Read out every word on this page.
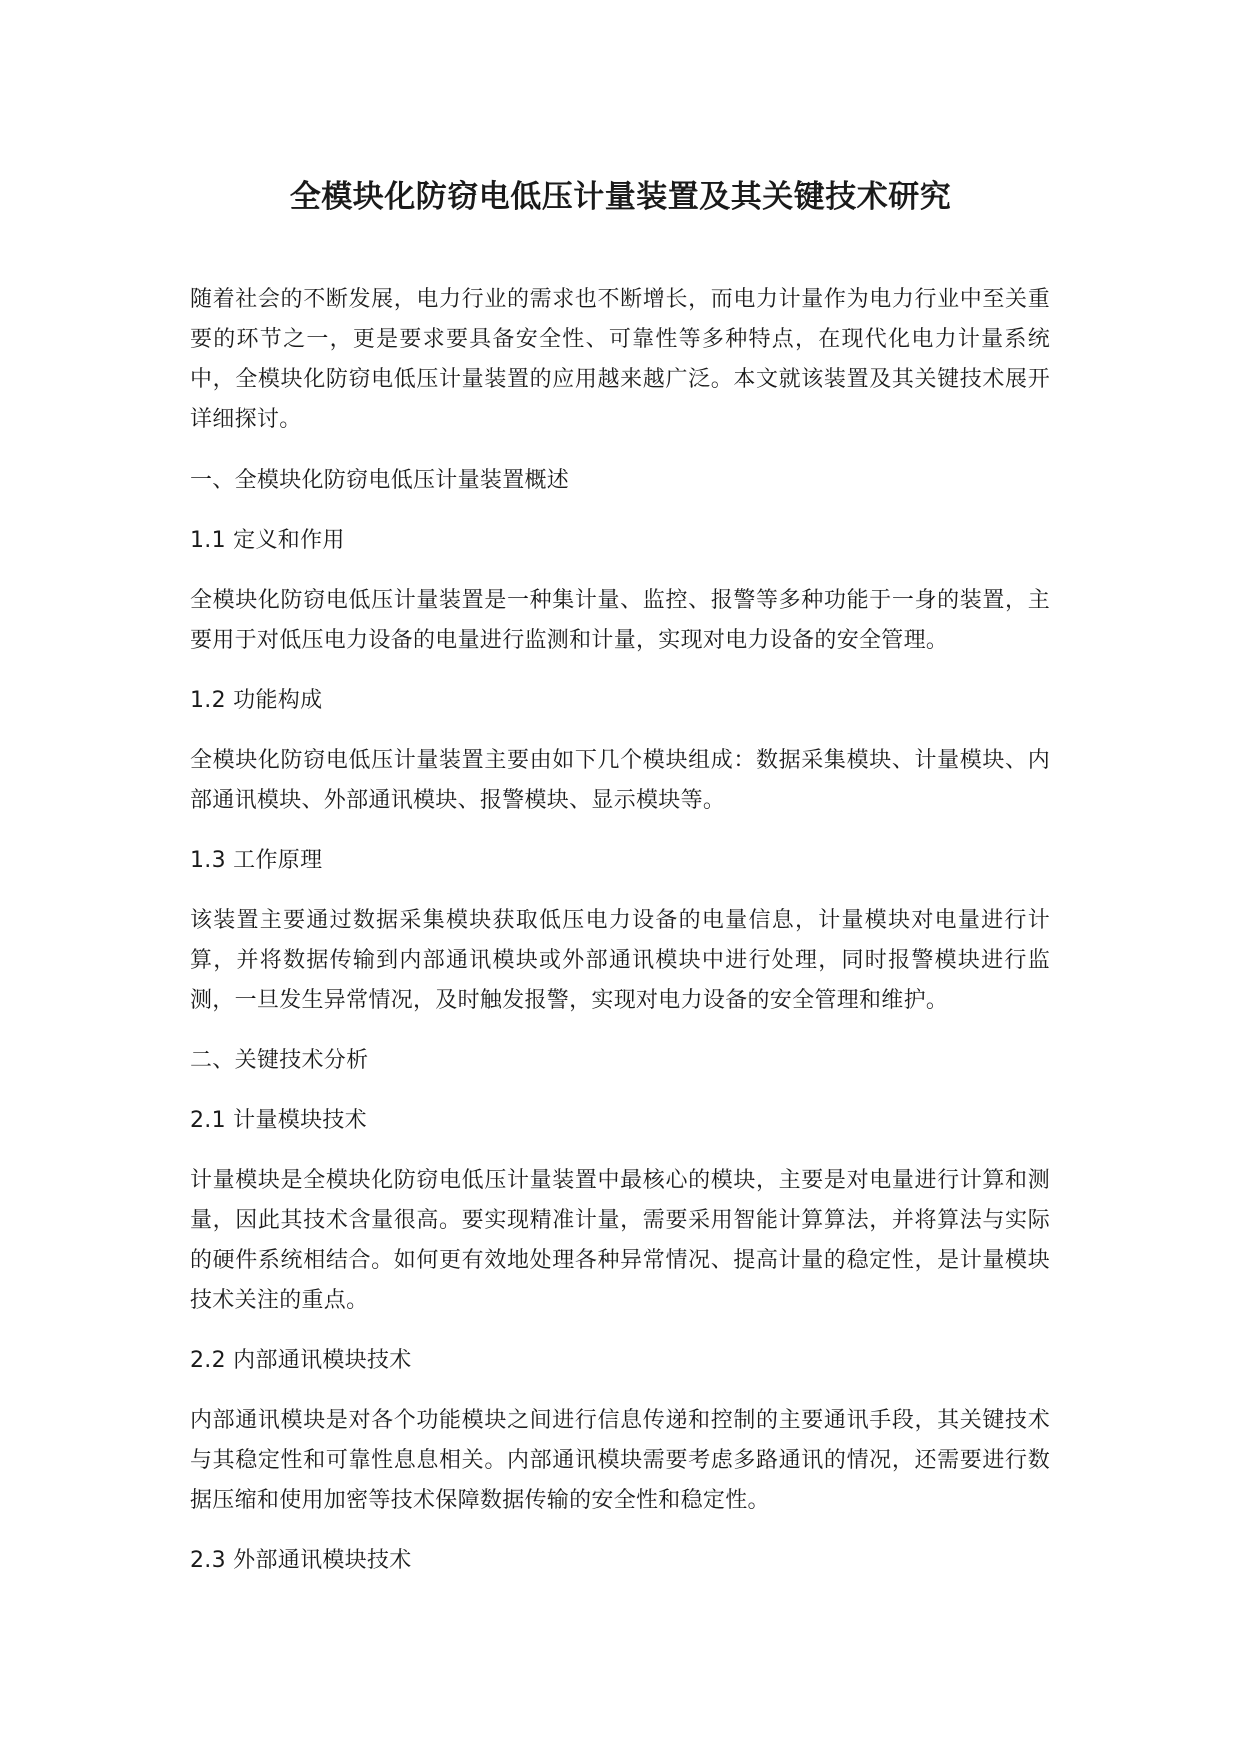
全模块化防窃电低压计量装置及其关键技术研究

随着社会的不断发展，电力行业的需求也不断增长，而电力计量作为电力行业中至关重要的环节之一，更是要求要具备安全性、可靠性等多种特点，在现代化电力计量系统中，全模块化防窃电低压计量装置的应用越来越广泛。本文就该装置及其关键技术展开详细探讨。

一、全模块化防窃电低压计量装置概述

1.1 定义和作用

全模块化防窃电低压计量装置是一种集计量、监控、报警等多种功能于一身的装置，主要用于对低压电力设备的电量进行监测和计量，实现对电力设备的安全管理。

1.2 功能构成

全模块化防窃电低压计量装置主要由如下几个模块组成：数据采集模块、计量模块、内部通讯模块、外部通讯模块、报警模块、显示模块等。

1.3 工作原理

该装置主要通过数据采集模块获取低压电力设备的电量信息，计量模块对电量进行计算，并将数据传输到内部通讯模块或外部通讯模块中进行处理，同时报警模块进行监测，一旦发生异常情况，及时触发报警，实现对电力设备的安全管理和维护。

二、关键技术分析

2.1 计量模块技术

计量模块是全模块化防窃电低压计量装置中最核心的模块，主要是对电量进行计算和测量，因此其技术含量很高。要实现精准计量，需要采用智能计算算法，并将算法与实际的硬件系统相结合。如何更有效地处理各种异常情况、提高计量的稳定性，是计量模块技术关注的重点。

2.2 内部通讯模块技术

内部通讯模块是对各个功能模块之间进行信息传递和控制的主要通讯手段，其关键技术与其稳定性和可靠性息息相关。内部通讯模块需要考虑多路通讯的情况，还需要进行数据压缩和使用加密等技术保障数据传输的安全性和稳定性。

2.3 外部通讯模块技术
